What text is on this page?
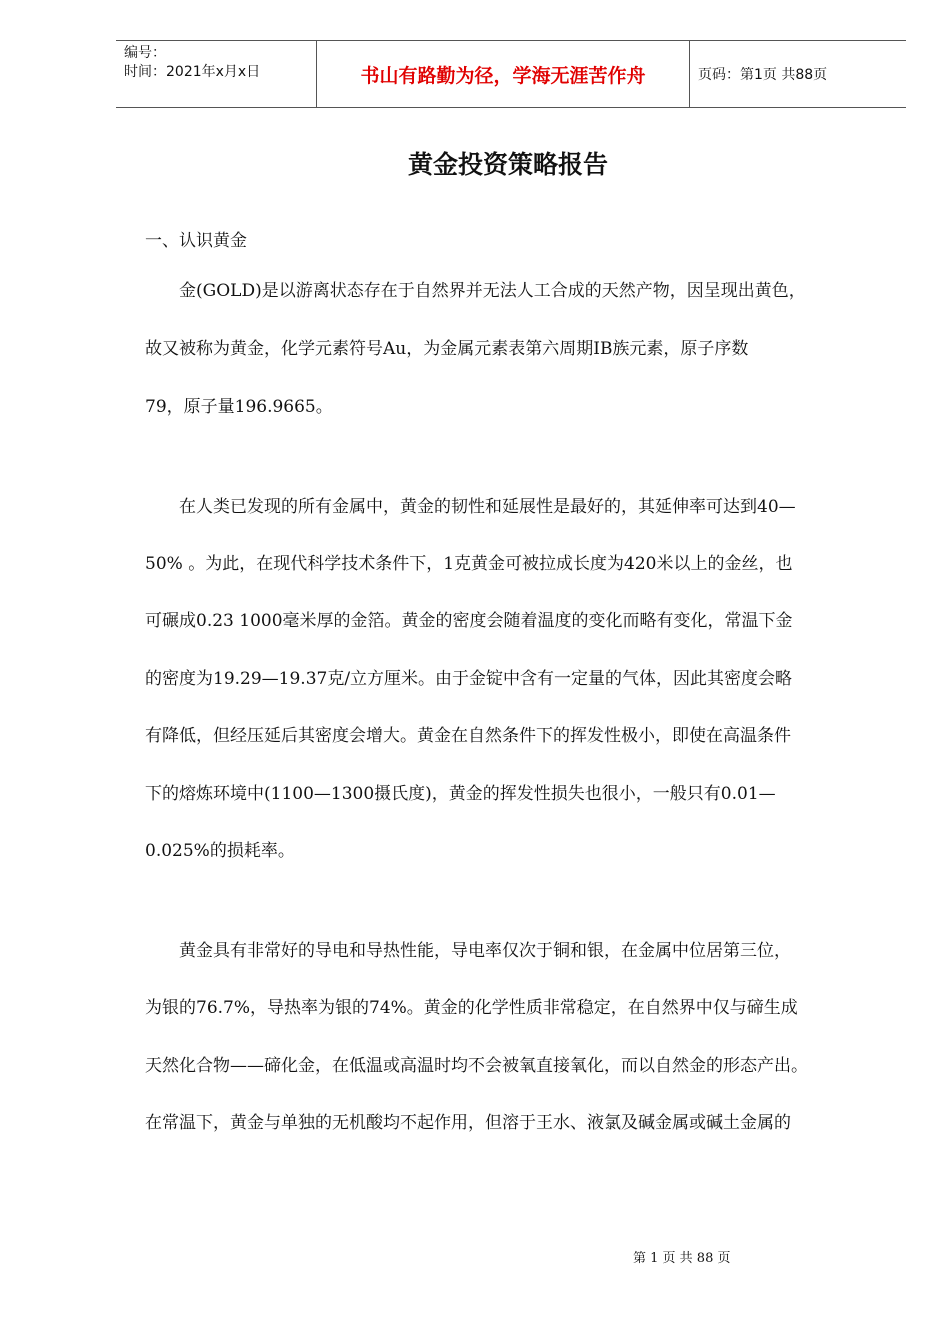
编号：
时间：2021年x月x日	书山有路勤为径，学海无涯苦作舟	页码：第1页 共88页
黄金投资策略报告
一、认识黄金
　　金(GOLD)是以游离状态存在于自然界并无法人工合成的天然产物，因呈现出黄色，
故又被称为黄金，化学元素符号Au，为金属元素表第六周期ⅠB族元素，原子序数
79，原子量196.9665。
　　在人类已发现的所有金属中，黄金的韧性和延展性是最好的，其延伸率可达到40—
50% 。为此，在现代科学技术条件下，1克黄金可被拉成长度为420米以上的金丝，也
可碾成0.23 1000毫米厚的金箔。黄金的密度会随着温度的变化而略有变化，常温下金
的密度为19.29—19.37克/立方厘米。由于金锭中含有一定量的气体，因此其密度会略
有降低，但经压延后其密度会增大。黄金在自然条件下的挥发性极小，即使在高温条件
下的熔炼环境中(1100—1300摄氏度)，黄金的挥发性损失也很小，一般只有0.01—
0.025%的损耗率。
　　黄金具有非常好的导电和导热性能，导电率仅次于铜和银，在金属中位居第三位，
为银的76.7%，导热率为银的74%。黄金的化学性质非常稳定，在自然界中仅与碲生成
天然化合物——碲化金，在低温或高温时均不会被氧直接氧化，而以自然金的形态产出。
在常温下，黄金与单独的无机酸均不起作用，但溶于王水、液氯及碱金属或碱土金属的
第 1 页 共 88 页
